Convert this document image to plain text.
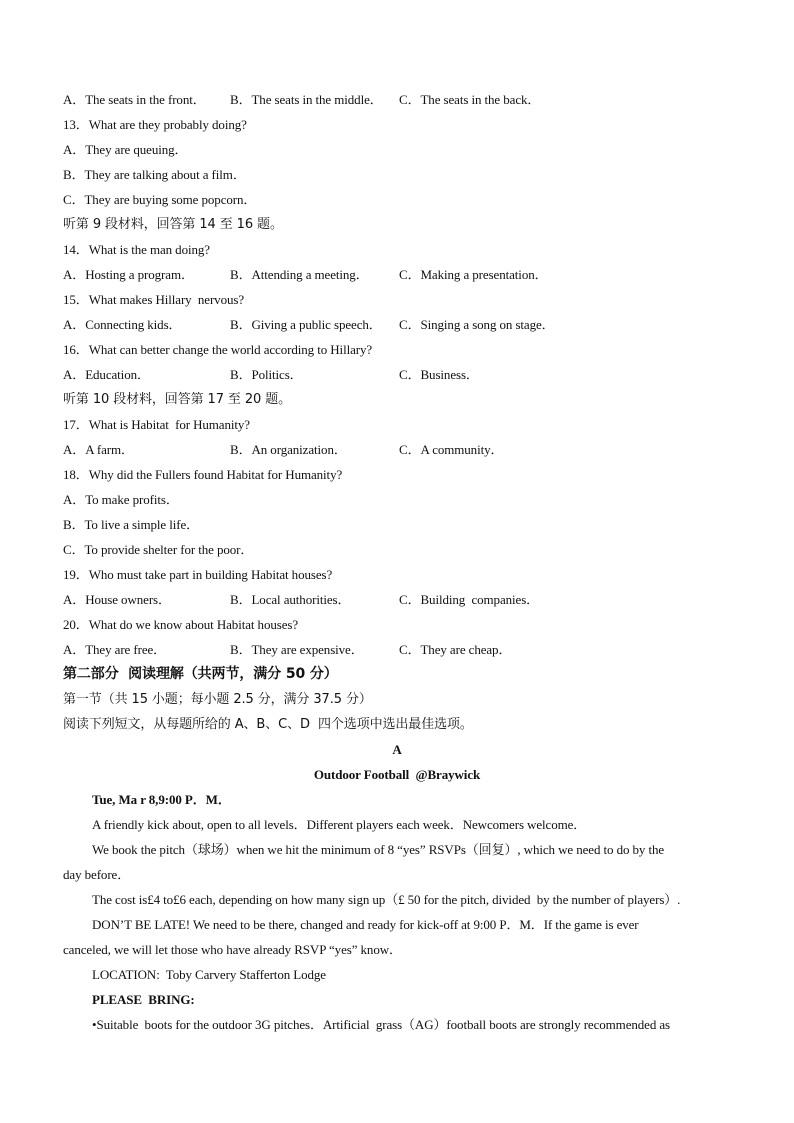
A．The seats in the front． B．The seats in the middle． C．The seats in the back．
13．What are they probably doing?
A．They are queuing．
B．They are talking about a film．
C．They are buying some popcorn．
听第 9 段材料，回答第 14 至 16 题。
14．What is the man doing?
A．Hosting a program．	B．Attending a meeting． C．Making a presentation．
15．What makes Hillary  nervous?
A．Connecting kids．	B．Giving a public speech． C．Singing a song on stage．
16．What can better change the world according to Hillary?
A．Education．	B．Politics．	C．Business．
听第 10 段材料，回答第 17 至 20 题。
17．What is Habitat  for Humanity?
A．A farm．	B．An organization．	C．A community．
18．Why did the Fullers found Habitat for Humanity?
A．To make profits．
B．To live a simple life．
C．To provide shelter for the poor．
19．Who must take part in building Habitat houses?
A．House owners．	B．Local authorities．	C．Building  companies．
20．What do we know about Habitat houses?
A．They are free．	B．They are expensive．	C．They are cheap．
第二部分  阅读理解（共两节，满分 50 分）
第一节（共 15 小题；每小题 2.5 分，满分 37.5 分）
阅读下列短文，从每题所给的 A、B、C、D  四个选项中选出最佳选项。
A
Outdoor Football  @Braywick
Tue, Ma r 8,9:00 P．M．
A friendly kick about, open to all levels．Different players each week．Newcomers welcome．
We book the pitch（球场）when we hit the minimum of 8 “yes” RSVPs（回复）, which we need to do by the
day before．
The cost is£4 to£6 each, depending on how many sign up（£ 50 for the pitch, divided  by the number of players）.
DON’T BE LATE! We need to be there, changed and ready for kick-off at 9:00 P．M．If the game is ever
canceled, we will let those who have already RSVP “yes” know．
LOCATION:  Toby Carvery Stafferton Lodge
PLEASE  BRING:
•Suitable  boots for the outdoor 3G pitches．Artificial  grass（AG）football boots are strongly recommended as
